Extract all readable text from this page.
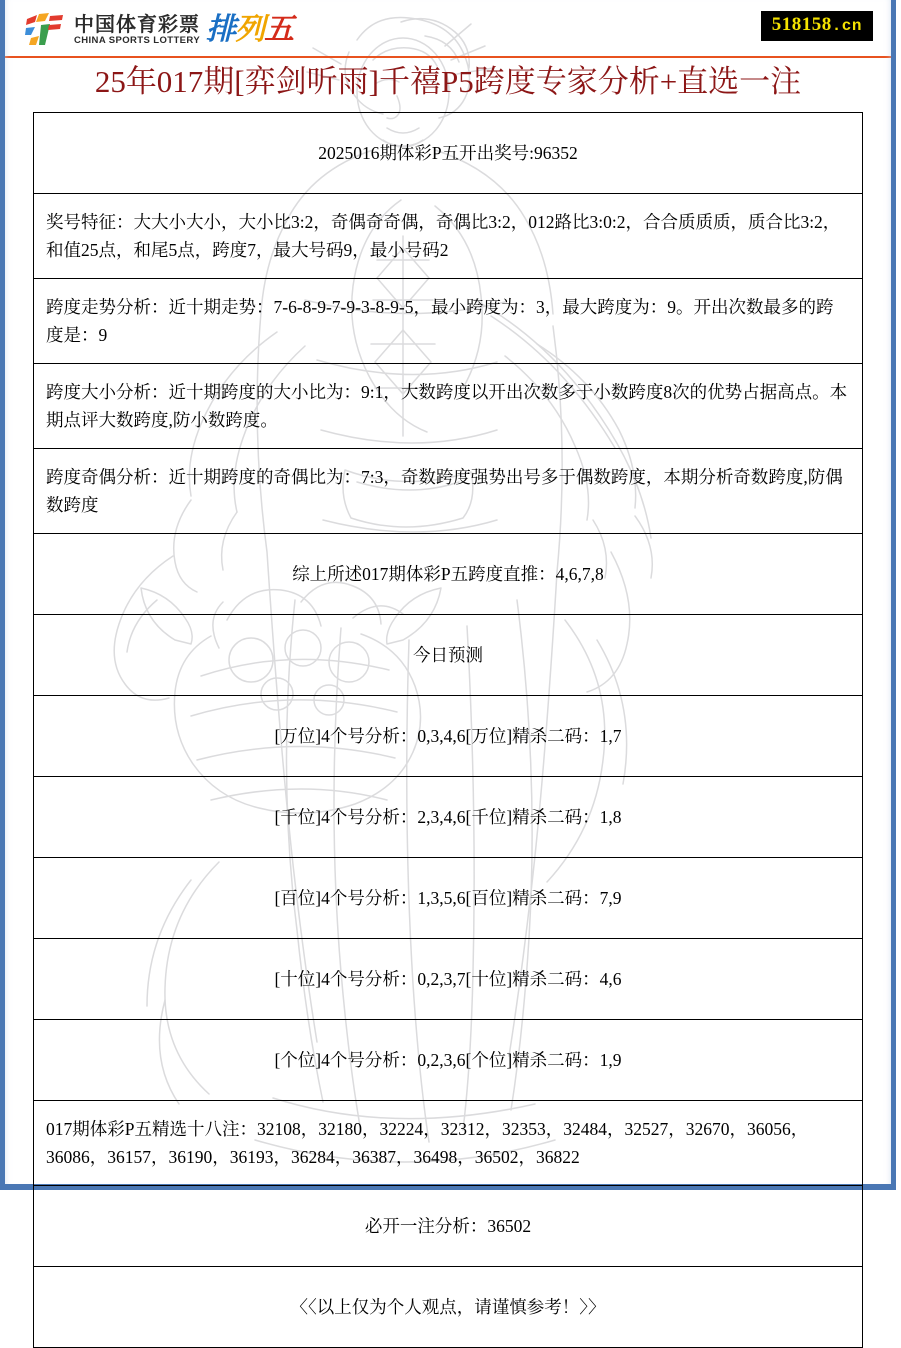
中国体育彩票
CHINA SPORTS LOTTERY 排列五	518158.cn
25年017期[弈剑听雨]千禧P5跨度专家分析+直选一注
2025016期体彩P五开出奖号:96352
奖号特征：大大小大小，大小比3:2，奇偶奇奇偶，奇偶比3:2，012路比3:0:2，合合质质质，质合比3:2，和值25点，和尾5点，跨度7，最大号码9，最小号码2
跨度走势分析：近十期走势：7-6-8-9-7-9-3-8-9-5，最小跨度为：3，最大跨度为：9。开出次数最多的跨度是：9
跨度大小分析：近十期跨度的大小比为：9:1，大数跨度以开出次数多于小数跨度8次的优势占据高点。本期点评大数跨度,防小数跨度。
跨度奇偶分析：近十期跨度的奇偶比为：7:3，奇数跨度强势出号多于偶数跨度，本期分析奇数跨度,防偶数跨度
综上所述017期体彩P五跨度直推：4,6,7,8
今日预测
[万位]4个号分析：0,3,4,6[万位]精杀二码：1,7
[千位]4个号分析：2,3,4,6[千位]精杀二码：1,8
[百位]4个号分析：1,3,5,6[百位]精杀二码：7,9
[十位]4个号分析：0,2,3,7[十位]精杀二码：4,6
[个位]4个号分析：0,2,3,6[个位]精杀二码：1,9
017期体彩P五精选十八注：32108，32180，32224，32312，32353，32484，32527，32670，36056，36086，36157，36190，36193，36284，36387，36498，36502，36822
必开一注分析：36502
〈〈以上仅为个人观点，请谨慎参考！〉〉
